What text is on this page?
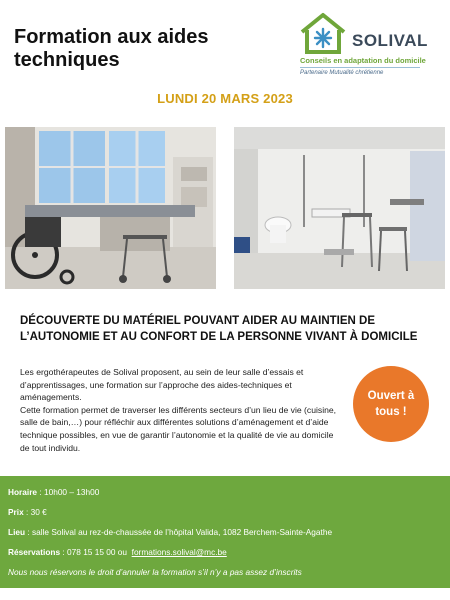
Formation aux aides
techniques
SOLIVAL
Conseils en adaptation du domicile
Partenaire Mutualité chrétienne
LUNDI 20 MARS 2023
DÉCOUVERTE DU MATÉRIEL POUVANT AIDER AU MAINTIEN DE L’AUTONOMIE ET AU CONFORT DE LA PERSONNE VIVANT À DOMICILE

Les ergothérapeutes de Solival proposent, au sein de leur salle d’essais et d’apprentissages, une formation sur l’approche des aides-techniques et aménagements.

Cette formation permet de traverser les différents secteurs d’un lieu de vie (cuisine, salle de bain,…) pour réfléchir aux différentes solutions d’aménagement et d’aide technique possibles, en vue de garantir l’autonomie et la qualité de vie au domicile de tout individu.

Ouvert à
tous !
Horaire : 10h00 – 13h00
Prix : 30 €
Lieu : salle Solival au rez-de-chaussée de l’hôpital Valida, 1082 Berchem-Sainte-Agathe
Réservations : 078 15 15 00 ou  formations.solival@mc.be
Nous nous réservons le droit d’annuler la formation s’il n’y a pas assez d’inscrits
